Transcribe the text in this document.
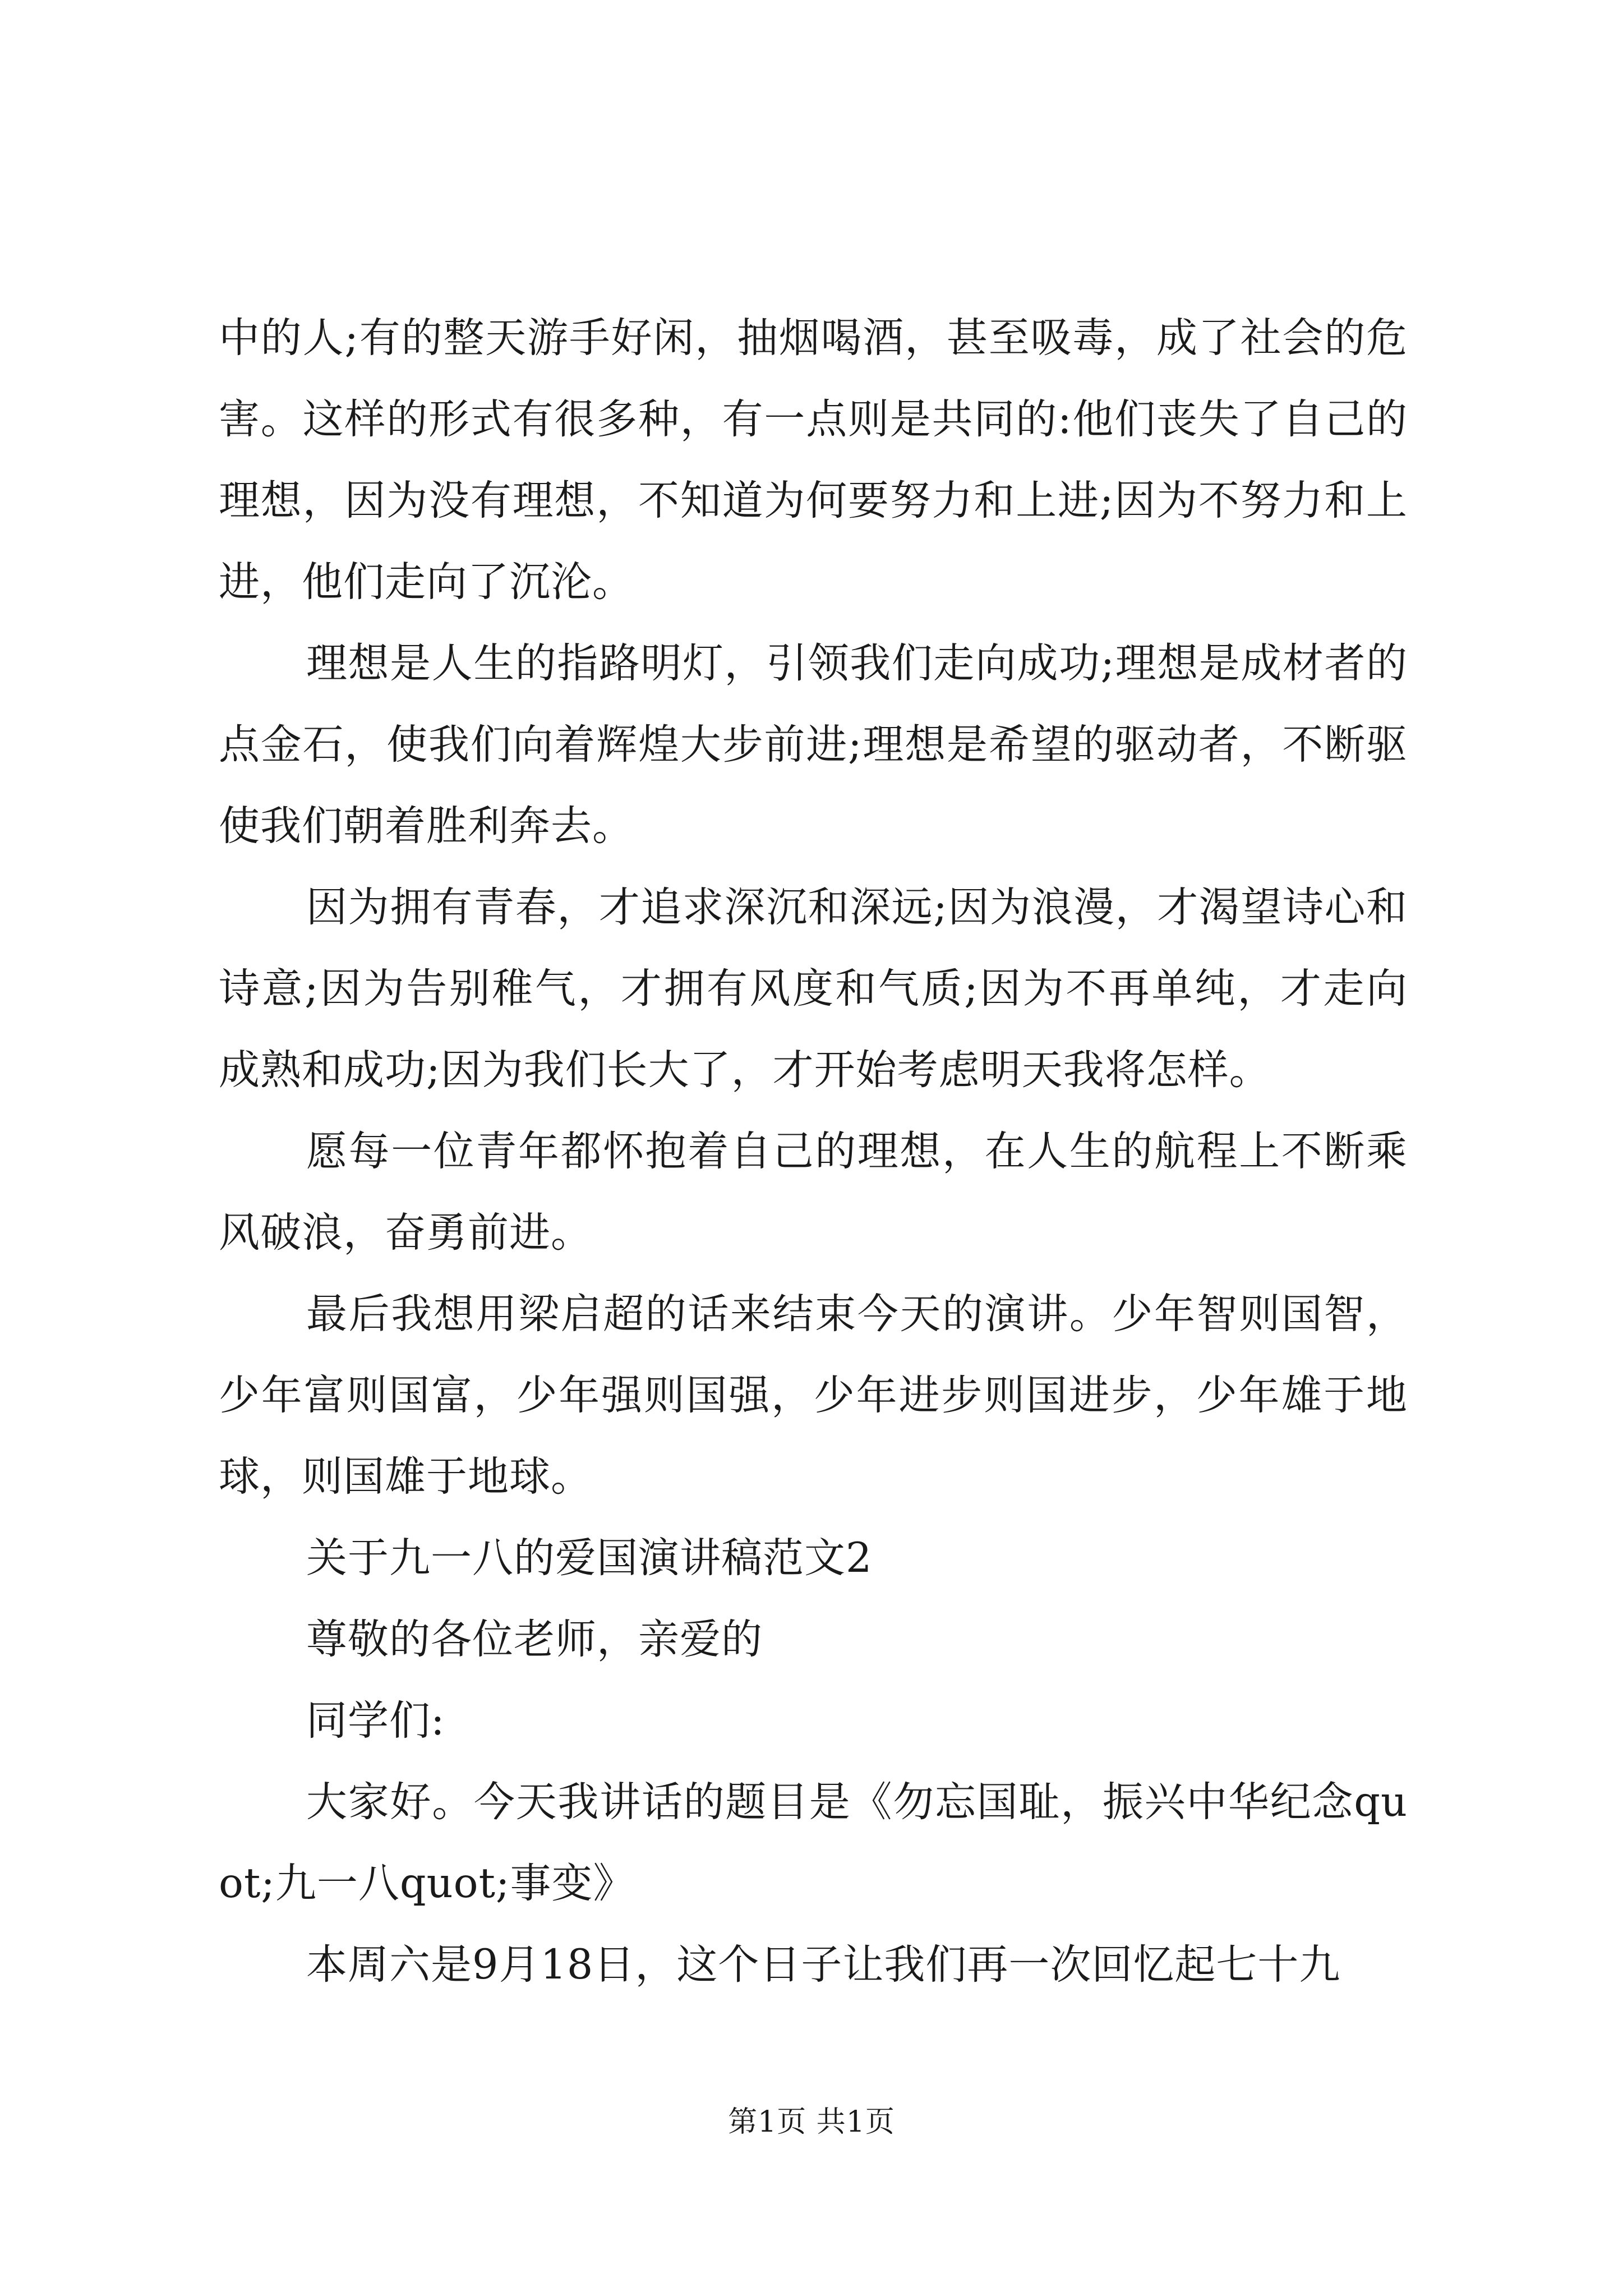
中的人;有的整天游手好闲，抽烟喝酒，甚至吸毒，成了社会的危害。这样的形式有很多种，有一点则是共同的:他们丧失了自己的理想，因为没有理想，不知道为何要努力和上进;因为不努力和上进，他们走向了沉沦。

理想是人生的指路明灯，引领我们走向成功;理想是成材者的点金石，使我们向着辉煌大步前进;理想是希望的驱动者，不断驱使我们朝着胜利奔去。

因为拥有青春，才追求深沉和深远;因为浪漫，才渴望诗心和诗意;因为告别稚气，才拥有风度和气质;因为不再单纯，才走向成熟和成功;因为我们长大了，才开始考虑明天我将怎样。

愿每一位青年都怀抱着自己的理想，在人生的航程上不断乘风破浪，奋勇前进。

最后我想用梁启超的话来结束今天的演讲。少年智则国智，少年富则国富，少年强则国强，少年进步则国进步，少年雄于地球，则国雄于地球。

关于九一八的爱国演讲稿范文2

尊敬的各位老师，亲爱的

同学们:

大家好。今天我讲话的题目是《勿忘国耻，振兴中华纪念quot;九一八quot;事变》

本周六是9月18日，这个日子让我们再一次回忆起七十九

第1页 共1页
